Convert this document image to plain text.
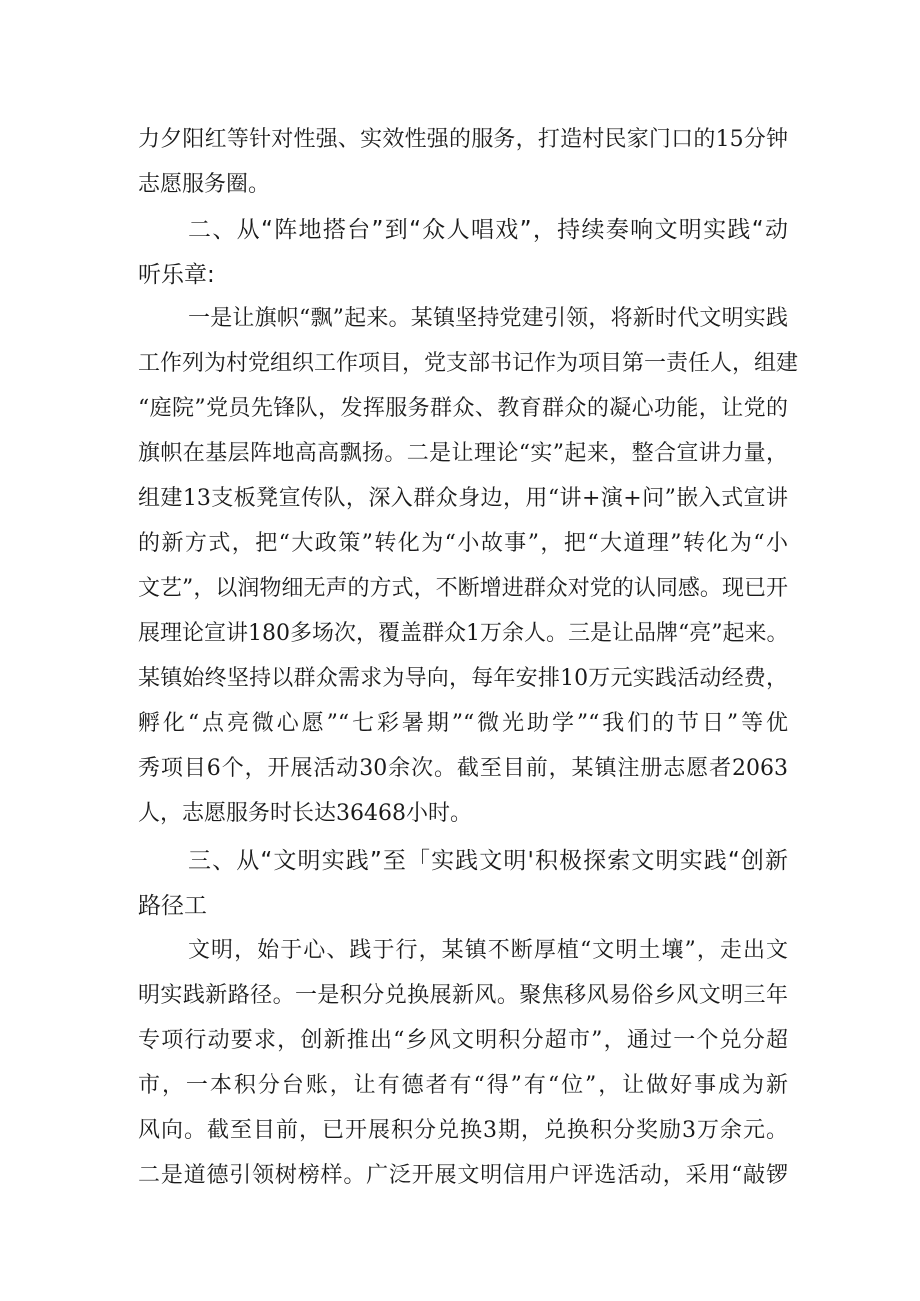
力夕阳红等针对性强、实效性强的服务，打造村民家门口的15分钟
志愿服务圈。
二、从“阵地搭台”到“众人唱戏”，持续奏响文明实践“动
听乐章:
一是让旗帜“飘”起来。某镇坚持党建引领，将新时代文明实践
工作列为村党组织工作项目，党支部书记作为项目第一责任人，组建
“庭院”党员先锋队，发挥服务群众、教育群众的凝心功能，让党的
旗帜在基层阵地高高飘扬。二是让理论“实”起来，整合宣讲力量，
组建13支板凳宣传队，深入群众身边，用“讲+演+问”嵌入式宣讲
的新方式，把“大政策”转化为“小故事”，把“大道理”转化为“小
文艺”，以润物细无声的方式，不断增进群众对党的认同感。现已开
展理论宣讲180多场次，覆盖群众1万余人。三是让品牌“亮”起来。
某镇始终坚持以群众需求为导向，每年安排10万元实践活动经费，
孵化“点亮微心愿”“七彩暑期”“微光助学”“我们的节日”等优
秀项目6个，开展活动30余次。截至目前，某镇注册志愿者2063
人，志愿服务时长达36468小时。
三、从“文明实践”至「实践文明'积极探索文明实践“创新
路径工
文明，始于心、践于行，某镇不断厚植“文明土壤”，走出文
明实践新路径。一是积分兑换展新风。聚焦移风易俗乡风文明三年
专项行动要求，创新推出“乡风文明积分超市”，通过一个兑分超
市，一本积分台账，让有德者有“得”有“位”，让做好事成为新
风向。截至目前，已开展积分兑换3期，兑换积分奖励3万余元。
二是道德引领树榜样。广泛开展文明信用户评选活动，采用“敲锣
